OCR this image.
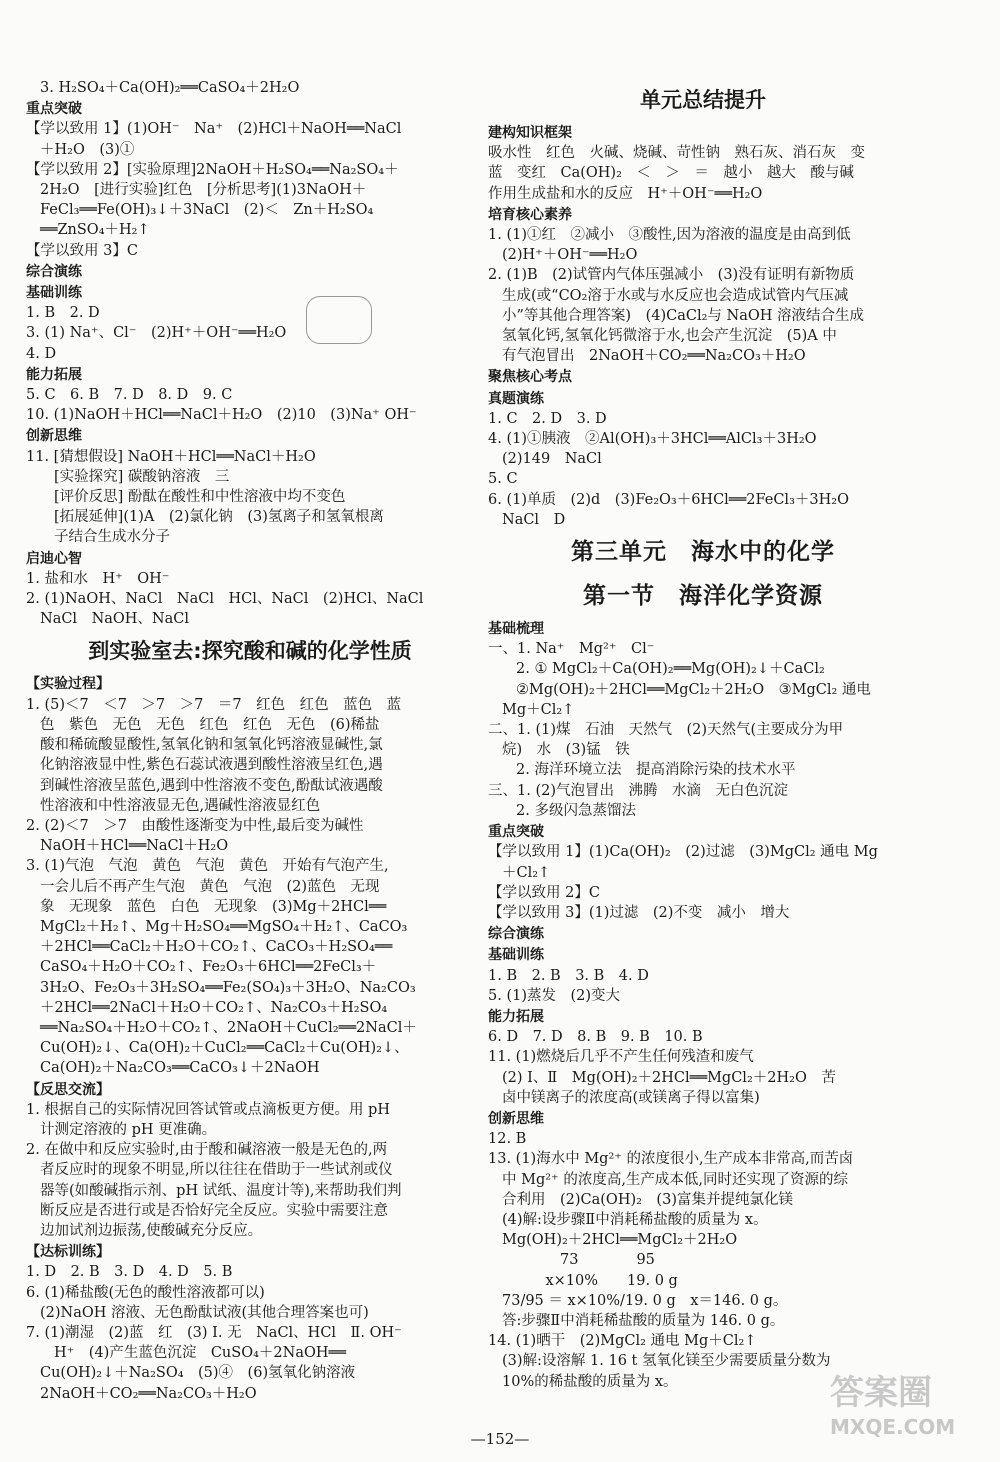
3. H₂SO₄＋Ca(OH)₂══CaSO₄＋2H₂O
重点突破
【学以致用 1】(1)OH⁻　Na⁺　(2)HCl＋NaOH══NaCl
＋H₂O　(3)①
【学以致用 2】[实验原理]2NaOH＋H₂SO₄══Na₂SO₄＋
2H₂O　[进行实验]红色　[分析思考](1)3NaOH＋
FeCl₃══Fe(OH)₃↓＋3NaCl　(2)＜　Zn＋H₂SO₄
══ZnSO₄＋H₂↑
【学以致用 3】C
综合演练
基础训练
1. B　2. D
3. (1) Na⁺、Cl⁻　(2)H⁺＋OH⁻══H₂O
4. D
能力拓展
5. C　6. B　7. D　8. D　9. C
10. (1)NaOH＋HCl══NaCl＋H₂O　(2)10　(3)Na⁺ OH⁻
创新思维
11. [猜想假设] NaOH＋HCl══NaCl＋H₂O
[实验探究] 碳酸钠溶液　三
[评价反思] 酚酞在酸性和中性溶液中均不变色
[拓展延伸](1)A　(2)氯化钠　(3)氢离子和氢氧根离
子结合生成水分子
启迪心智
1. 盐和水　H⁺　OH⁻
2. (1)NaOH、NaCl　NaCl　HCl、NaCl　(2)HCl、NaCl
NaCl　NaOH、NaCl
到实验室去:探究酸和碱的化学性质
【实验过程】
1. (5)＜7　＜7　＞7　＞7　＝7　红色　红色　蓝色　蓝
色　紫色　无色　无色　红色　红色　无色　(6)稀盐
酸和稀硫酸显酸性,氢氧化钠和氢氧化钙溶液显碱性,氯
化钠溶液显中性,紫色石蕊试液遇到酸性溶液呈红色,遇
到碱性溶液呈蓝色,遇到中性溶液不变色,酚酞试液遇酸
性溶液和中性溶液显无色,遇碱性溶液显红色
2. (2)＜7　＞7　由酸性逐渐变为中性,最后变为碱性
NaOH＋HCl══NaCl＋H₂O
3. (1)气泡　气泡　黄色　气泡　黄色　开始有气泡产生,
一会儿后不再产生气泡　黄色　气泡　(2)蓝色　无现
象　无现象　蓝色　白色　无现象　(3)Mg＋2HCl══
MgCl₂＋H₂↑、Mg＋H₂SO₄══MgSO₄＋H₂↑、CaCO₃
＋2HCl══CaCl₂＋H₂O＋CO₂↑、CaCO₃＋H₂SO₄══
CaSO₄＋H₂O＋CO₂↑、Fe₂O₃＋6HCl══2FeCl₃＋
3H₂O、Fe₂O₃＋3H₂SO₄══Fe₂(SO₄)₃＋3H₂O、Na₂CO₃
＋2HCl══2NaCl＋H₂O＋CO₂↑、Na₂CO₃＋H₂SO₄
══Na₂SO₄＋H₂O＋CO₂↑、2NaOH＋CuCl₂══2NaCl＋
Cu(OH)₂↓、Ca(OH)₂＋CuCl₂══CaCl₂＋Cu(OH)₂↓、
Ca(OH)₂＋Na₂CO₃══CaCO₃↓＋2NaOH
【反思交流】
1. 根据自己的实际情况回答试管或点滴板更方便。用 pH
计测定溶液的 pH 更准确。
2. 在做中和反应实验时,由于酸和碱溶液一般是无色的,两
者反应时的现象不明显,所以往往在借助于一些试剂或仪
器等(如酸碱指示剂、pH 试纸、温度计等),来帮助我们判
断反应是否进行或是否恰好完全反应。实验中需要注意
边加试剂边振荡,使酸碱充分反应。
【达标训练】
1. D　2. B　3. D　4. D　5. B
6. (1)稀盐酸(无色的酸性溶液都可以)
(2)NaOH 溶液、无色酚酞试液(其他合理答案也可)
7. (1)潮湿　(2)蓝　红　(3) Ⅰ. 无　NaCl、HCl　Ⅱ. OH⁻
H⁺　(4)产生蓝色沉淀　CuSO₄＋2NaOH══
Cu(OH)₂↓＋Na₂SO₄　(5)④　(6)氢氧化钠溶液
2NaOH＋CO₂══Na₂CO₃＋H₂O
单元总结提升
建构知识框架
吸水性　红色　火碱、烧碱、苛性钠　熟石灰、消石灰　变
蓝　变红　Ca(OH)₂　＜　＞　＝　越小　越大　酸与碱
作用生成盐和水的反应　H⁺＋OH⁻══H₂O
培育核心素养
1. (1)①红　②减小　③酸性,因为溶液的温度是由高到低
(2)H⁺＋OH⁻══H₂O
2. (1)B　(2)试管内气体压强减小　(3)没有证明有新物质
生成(或“CO₂溶于水或与水反应也会造成试管内气压减
小”等其他合理答案)　(4)CaCl₂与 NaOH 溶液结合生成
氢氧化钙,氢氧化钙微溶于水,也会产生沉淀　(5)A 中
有气泡冒出　2NaOH＋CO₂══Na₂CO₃＋H₂O
聚焦核心考点
真题演练
1. C　2. D　3. D
4. (1)①胰液　②Al(OH)₃＋3HCl══AlCl₃＋3H₂O
(2)149　NaCl
5. C
6. (1)单质　(2)d　(3)Fe₂O₃＋6HCl══2FeCl₃＋3H₂O
NaCl　D
第三单元　海水中的化学
第一节　海洋化学资源
基础梳理
一、1. Na⁺　Mg²⁺　Cl⁻
2. ① MgCl₂＋Ca(OH)₂══Mg(OH)₂↓＋CaCl₂
②Mg(OH)₂＋2HCl══MgCl₂＋2H₂O　③MgCl₂ 通电
Mg＋Cl₂↑
二、1. (1)煤　石油　天然气　(2)天然气(主要成分为甲
烷)　水　(3)锰　铁
2. 海洋环境立法　提高消除污染的技术水平
三、1. (2)气泡冒出　沸腾　水滴　无白色沉淀
2. 多级闪急蒸馏法
重点突破
【学以致用 1】(1)Ca(OH)₂　(2)过滤　(3)MgCl₂ 通电 Mg
＋Cl₂↑
【学以致用 2】C
【学以致用 3】(1)过滤　(2)不变　减小　增大
综合演练
基础训练
1. B　2. B　3. B　4. D
5. (1)蒸发　(2)变大
能力拓展
6. D　7. D　8. B　9. B　10. B
11. (1)燃烧后几乎不产生任何残渣和废气
(2) Ⅰ、Ⅱ　Mg(OH)₂＋2HCl══MgCl₂＋2H₂O　苦
卤中镁离子的浓度高(或镁离子得以富集)
创新思维
12. B
13. (1)海水中 Mg²⁺ 的浓度很小,生产成本非常高,而苦卤
中 Mg²⁺ 的浓度高,生产成本低,同时还实现了资源的综
合利用　(2)Ca(OH)₂　(3)富集并提纯氯化镁
(4)解:设步骤Ⅱ中消耗稀盐酸的质量为 x。
Mg(OH)₂＋2HCl══MgCl₂＋2H₂O
　　　　73　　　　95
　　　x×10%　　19. 0 g
73/95 ＝ x×10%/19. 0 g　x＝146. 0 g。
答:步骤Ⅱ中消耗稀盐酸的质量为 146. 0 g。
14. (1)晒干　(2)MgCl₂ 通电 Mg＋Cl₂↑
(3)解:设溶解 1. 16 t 氢氧化镁至少需要质量分数为
10%的稀盐酸的质量为 x。
—152—
答案圈
MXQE.COM
